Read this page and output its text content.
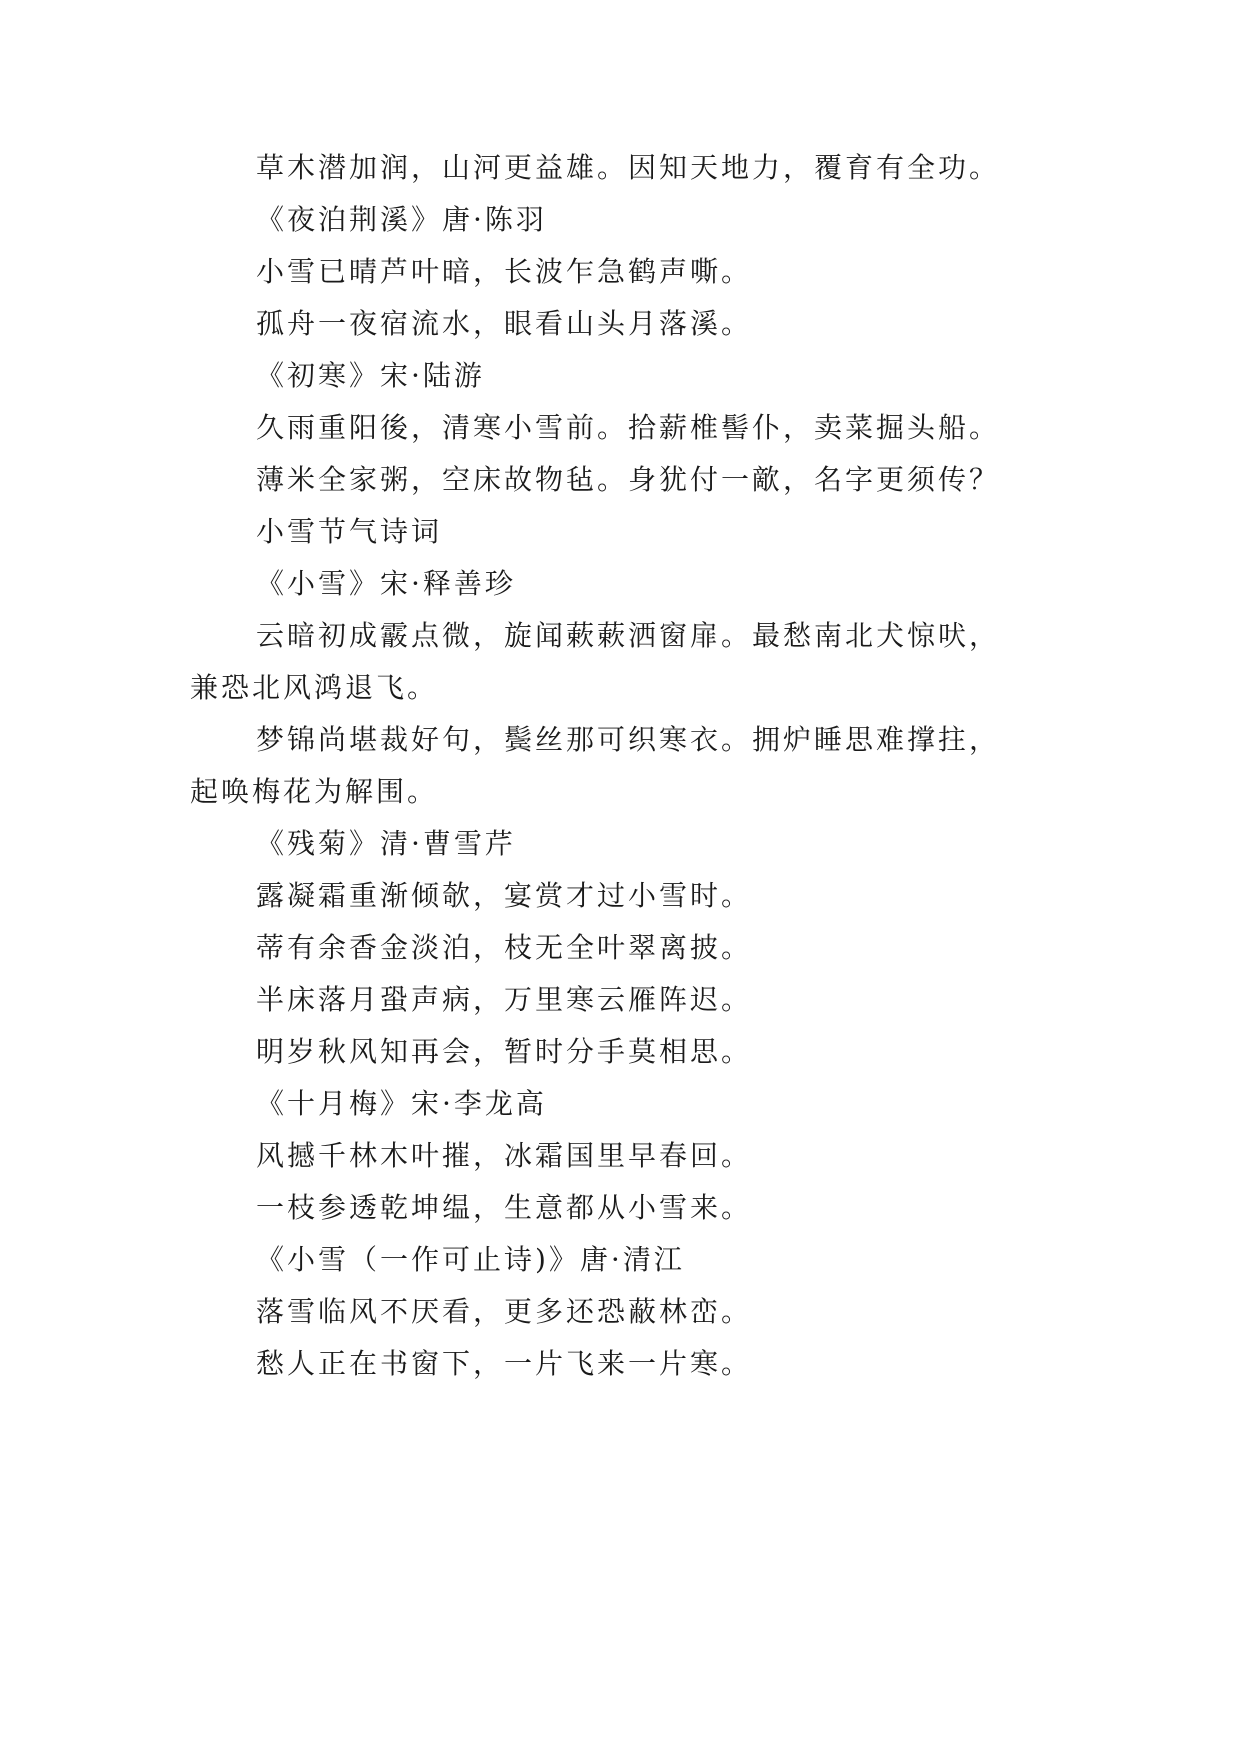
草木潜加润，山河更益雄。因知天地力，覆育有全功。
《夜泊荆溪》唐·陈羽
小雪已晴芦叶暗，长波乍急鹤声嘶。
孤舟一夜宿流水，眼看山头月落溪。
《初寒》宋·陆游
久雨重阳後，清寒小雪前。拾薪椎髻仆，卖菜掘头船。
薄米全家粥，空床故物毡。身犹付一歒，名字更须传？
小雪节气诗词
《小雪》宋·释善珍
云暗初成霰点微，旋闻蔌蔌洒窗扉。最愁南北犬惊吠，
兼恐北风鸿退飞。
梦锦尚堪裁好句，鬓丝那可织寒衣。拥炉睡思难撑拄，
起唤梅花为解围。
《残菊》清·曹雪芹
露凝霜重渐倾欹，宴赏才过小雪时。
蒂有余香金淡泊，枝无全叶翠离披。
半床落月蛩声病，万里寒云雁阵迟。
明岁秋风知再会，暂时分手莫相思。
《十月梅》宋·李龙高
风撼千林木叶摧，冰霜国里早春回。
一枝参透乾坤缊，生意都从小雪来。
《小雪（一作可止诗)》唐·清江
落雪临风不厌看，更多还恐蔽林峦。
愁人正在书窗下，一片飞来一片寒。
